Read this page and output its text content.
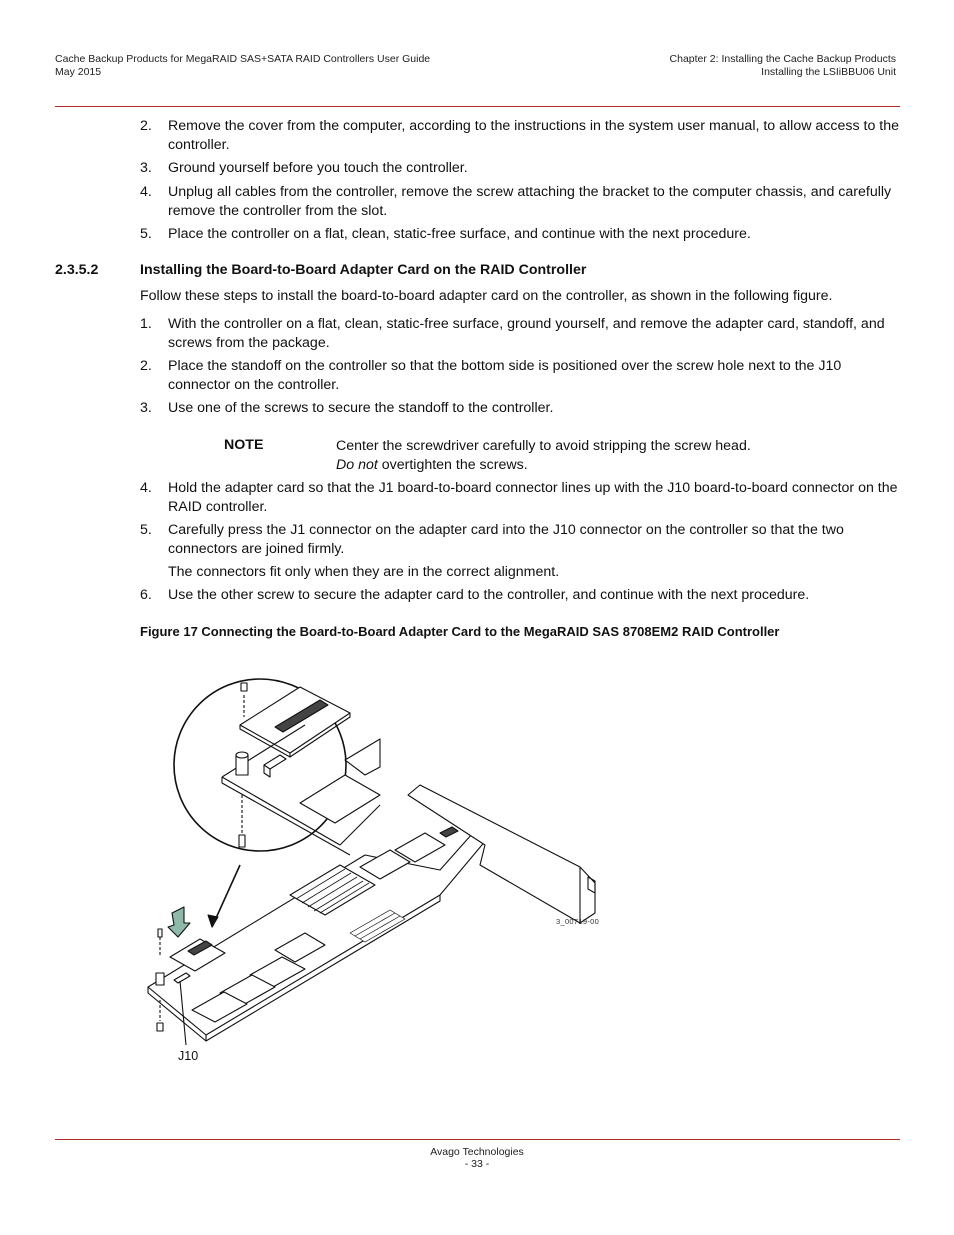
Cache Backup Products for MegaRAID SAS+SATA RAID Controllers User Guide
May 2015
Chapter 2: Installing the Cache Backup Products
Installing the LSIiBBU06 Unit
2. Remove the cover from the computer, according to the instructions in the system user manual, to allow access to the controller.
3. Ground yourself before you touch the controller.
4. Unplug all cables from the controller, remove the screw attaching the bracket to the computer chassis, and carefully remove the controller from the slot.
5. Place the controller on a flat, clean, static-free surface, and continue with the next procedure.
2.3.5.2	Installing the Board-to-Board Adapter Card on the RAID Controller
Follow these steps to install the board-to-board adapter card on the controller, as shown in the following figure.
1. With the controller on a flat, clean, static-free surface, ground yourself, and remove the adapter card, standoff, and screws from the package.
2. Place the standoff on the controller so that the bottom side is positioned over the screw hole next to the J10 connector on the controller.
3. Use one of the screws to secure the standoff to the controller.
NOTE	Center the screwdriver carefully to avoid stripping the screw head.
Do not overtighten the screws.
4. Hold the adapter card so that the J1 board-to-board connector lines up with the J10 board-to-board connector on the RAID controller.
5. Carefully press the J1 connector on the adapter card into the J10 connector on the controller so that the two connectors are joined firmly.
The connectors fit only when they are in the correct alignment.
6. Use the other screw to secure the adapter card to the controller, and continue with the next procedure.
Figure 17 Connecting the Board-to-Board Adapter Card to the MegaRAID SAS 8708EM2 RAID Controller
J10
3_00719-00
Avago Technologies
- 33 -
